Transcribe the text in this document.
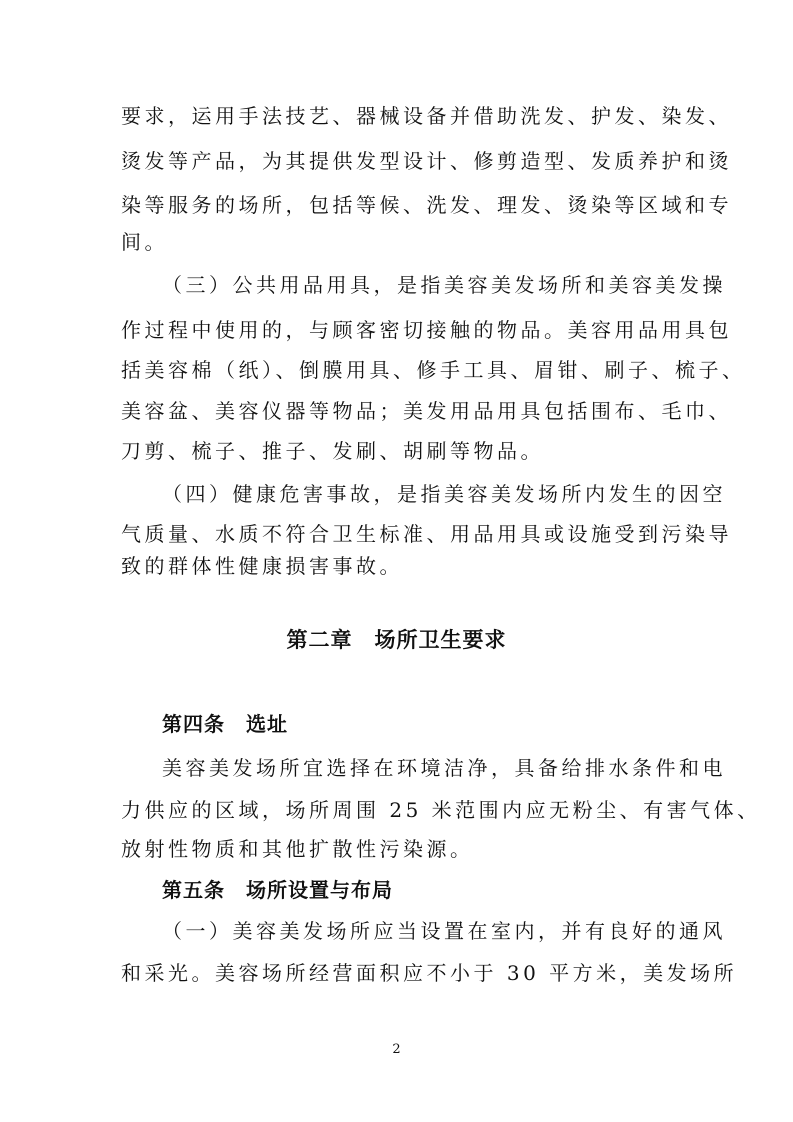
要求，运用手法技艺、器械设备并借助洗发、护发、染发、
烫发等产品，为其提供发型设计、修剪造型、发质养护和烫
染等服务的场所，包括等候、洗发、理发、烫染等区域和专
间。
（三）公共用品用具，是指美容美发场所和美容美发操
作过程中使用的，与顾客密切接触的物品。美容用品用具包
括美容棉（纸）、倒膜用具、修手工具、眉钳、刷子、梳子、
美容盆、美容仪器等物品；美发用品用具包括围布、毛巾、
刀剪、梳子、推子、发刷、胡刷等物品。
（四）健康危害事故，是指美容美发场所内发生的因空
气质量、水质不符合卫生标准、用品用具或设施受到污染导
致的群体性健康损害事故。
第二章　场所卫生要求
第四条　选址
美容美发场所宜选择在环境洁净，具备给排水条件和电
力供应的区域，场所周围 25 米范围内应无粉尘、有害气体、
放射性物质和其他扩散性污染源。
第五条　场所设置与布局
（一）美容美发场所应当设置在室内，并有良好的通风
和采光。美容场所经营面积应不小于 30 平方米，美发场所
2
